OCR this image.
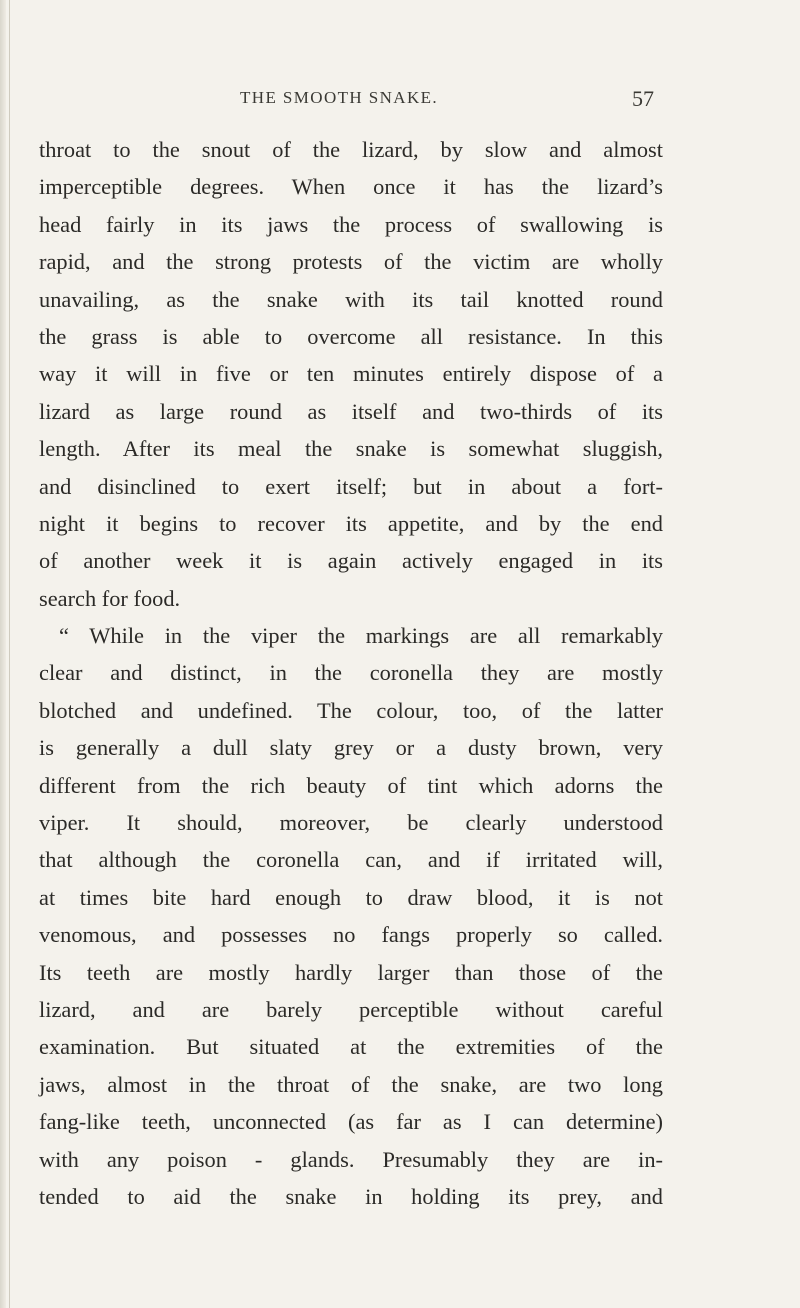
THE SMOOTH SNAKE.	57
throat to the snout of the lizard, by slow and almost
imperceptible degrees. When once it has the lizard’s
head fairly in its jaws the process of swallowing is
rapid, and the strong protests of the victim are wholly
unavailing, as the snake with its tail knotted round
the grass is able to overcome all resistance. In this
way it will in five or ten minutes entirely dispose of a
lizard as large round as itself and two-thirds of its
length. After its meal the snake is somewhat sluggish,
and disinclined to exert itself; but in about a fort-
night it begins to recover its appetite, and by the end
of another week it is again actively engaged in its
search for food.
“ While in the viper the markings are all remarkably
clear and distinct, in the coronella they are mostly
blotched and undefined. The colour, too, of the latter
is generally a dull slaty grey or a dusty brown, very
different from the rich beauty of tint which adorns the
viper. It should, moreover, be clearly understood
that although the coronella can, and if irritated will,
at times bite hard enough to draw blood, it is not
venomous, and possesses no fangs properly so called.
Its teeth are mostly hardly larger than those of the
lizard, and are barely perceptible without careful
examination. But situated at the extremities of the
jaws, almost in the throat of the snake, are two long
fang-like teeth, unconnected (as far as I can determine)
with any poison - glands. Presumably they are in-
tended to aid the snake in holding its prey, and
